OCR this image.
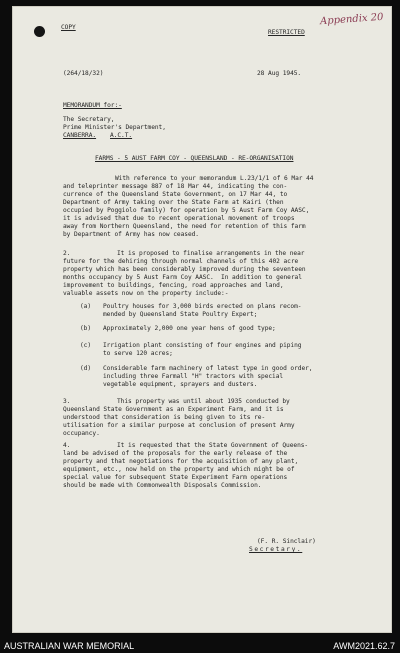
Appendix 20
COPY
RESTRICTED
(264/18/32)	28 Aug 1945.
MEMORANDUM for:-
The Secretary,
Prime Minister's Department,
CANBERRA. A.C.T.
FARMS - 5 AUST FARM COY - QUEENSLAND - RE-ORGANISATION
With reference to your memorandum L.23/1/1 of 6 Mar 44
and teleprinter message 887 of 18 Mar 44, indicating the con-
currence of the Queensland State Government, on 17 Mar 44, to
Department of Army taking over the State Farm at Kairi (then
occupied by Poggiolo family) for operation by 5 Aust Farm Coy AASC,
it is advised that due to recent operational movement of troops
away from Northern Queensland, the need for retention of this farm
by Department of Army has now ceased.
2.	It is proposed to finalise arrangements in the near
future for the dehiring through normal channels of this 402 acre
property which has been considerably improved during the seventeen
months occupancy by 5 Aust Farm Coy AASC.  In addition to general
improvement to buildings, fencing, road approaches and land,
valuable assets now on the property include:-
(a) Poultry houses for 3,000 birds erected on plans recom-
mended by Queensland State Poultry Expert;
(b) Approximately 2,000 one year hens of good type;
(c) Irrigation plant consisting of four engines and piping
to serve 120 acres;
(d) Considerable farm machinery of latest type in good order,
including three Farmall "H" tractors with special
vegetable equipment, sprayers and dusters.
3.	This property was until about 1935 conducted by
Queensland State Government as an Experiment Farm, and it is
understood that consideration is being given to its re-
utilisation for a similar purpose at conclusion of present Army
occupancy.
4.	It is requested that the State Government of Queens-
land be advised of the proposals for the early release of the
property and that negotiations for the acquisition of any plant,
equipment, etc., now held on the property and which might be of
special value for subsequent State Experiment Farm operations
should be made with Commonwealth Disposals Commission.
(F. R. Sinclair)
Secretary.
AUSTRALIAN WAR MEMORIAL	AWM2021.62.7
